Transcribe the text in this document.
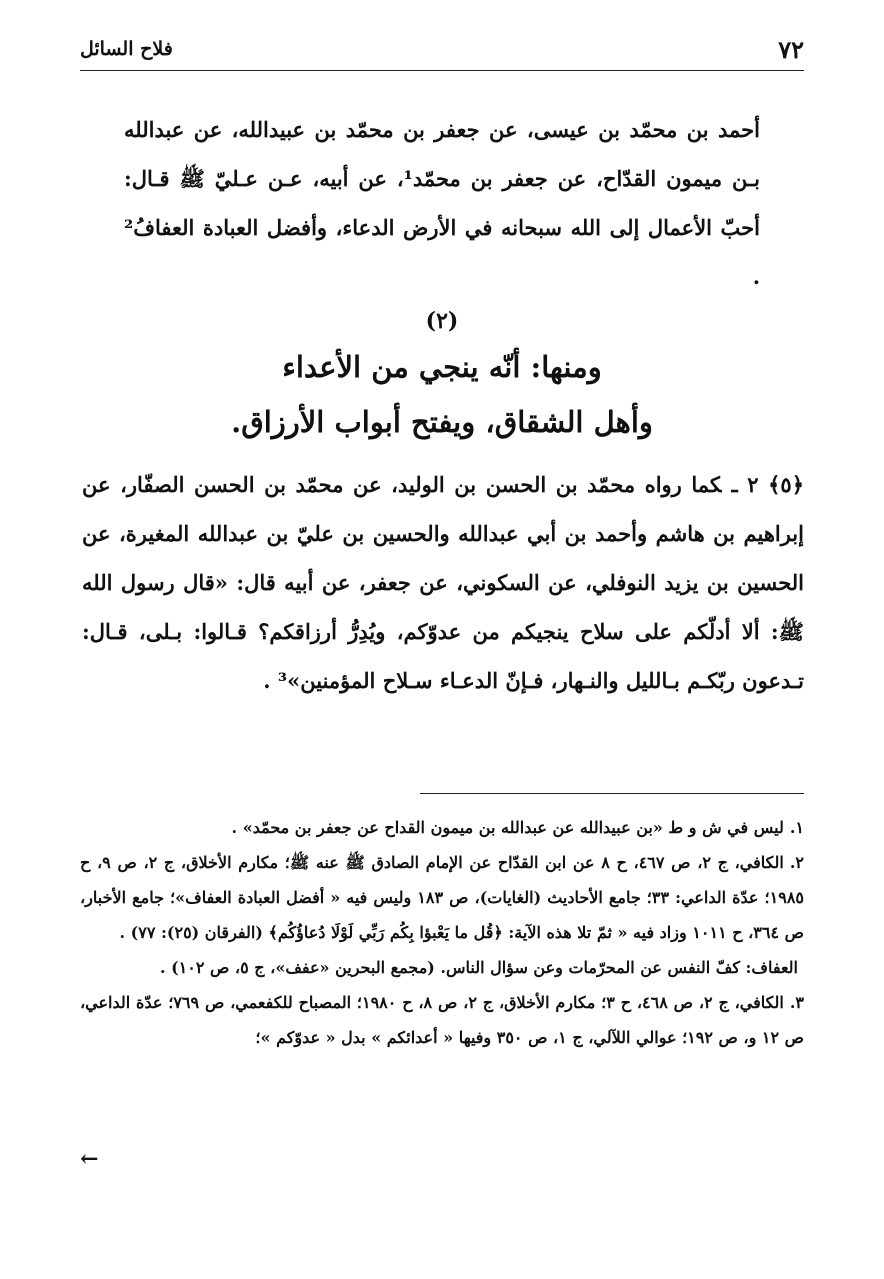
فلاح السائل	٧٢
أحمد بن محمّد بن عيسى، عن جعفر بن محمّد بن عبيدالله، عن عبدالله بـن ميمون القدّاح، عن جعفر بن محمّد¹، عن أبيه، عـن عـليّ ﷺ قـال: أحبّ الأعمال إلى الله سبحانه في الأرض الدعاء، وأفضل العبادة العفافُ² .
(٢)
ومنها: أنّه ينجي من الأعداء
وأهل الشقاق، ويفتح أبواب الأرزاق.
﴿٥﴾ ٢ ـكما رواه محمّد بن الحسن بن الوليد، عن محمّد بن الحسن الصفّار، عن إبراهيم بن هاشم وأحمد بن أبي عبدالله والحسين بن عليّ بن عبدالله المغيرة، عن الحسين بن يزيد النوفلي، عن السكوني، عن جعفر، عن أبيه قال: «قال رسول الله ﷺ: ألا أدلّكم على سلاح ينجيكم من عدوّكم، ويُدِرُّ أرزاقكم؟ قـالوا: بـلى، قـال: تـدعون ربّكـم بـالليل والنـهار، فـإنّ الدعـاء سـلاح المؤمنين»³ .
١.ليس في ش و ط «بن عبيدالله عن عبدالله بن ميمون القداح عن جعفر بن محمّد» .
٢.الكافي، ج ٢، ص ٤٦٧، ح ٨ عن ابن القدّاح عن الإمام الصادق ﷺ عنه ﷺ؛ مكارم الأخلاق، ج ٢، ص ٩، ح ١٩٨٥؛ عدّة الداعي: ٣٣؛ جامع الأحاديث (الغايات)، ص ١٨٣ وليس فيه « أفضل العبادة العفاف»؛ جامع الأخبار، ص ٣٦٤، ح ١٠١١ وزاد فيه « ثمّ تلا هذه الآية: ﴿قُل ما يَعْبؤا بِكُم رَبِّي لَوْلَا دُعاؤُكُم﴾ (الفرقان (٢٥): ٧٧) .
العفاف: كفّ النفس عن المحرّمات وعن سؤال الناس. (مجمع البحرين «عفف»، ج ٥، ص ١٠٢) .
٣.الكافي، ج ٢، ص ٤٦٨، ح ٣؛ مكارم الأخلاق، ج ٢، ص ٨، ح ١٩٨٠؛ المصباح للكفعمي، ص ٧٦٩؛ عدّة الداعي، ص ١٢ و، ص ١٩٢؛ عوالي اللآلي، ج ١، ص ٣٥٠ وفيها « أعدائكم » بدل « عدوّكم »؛
←
